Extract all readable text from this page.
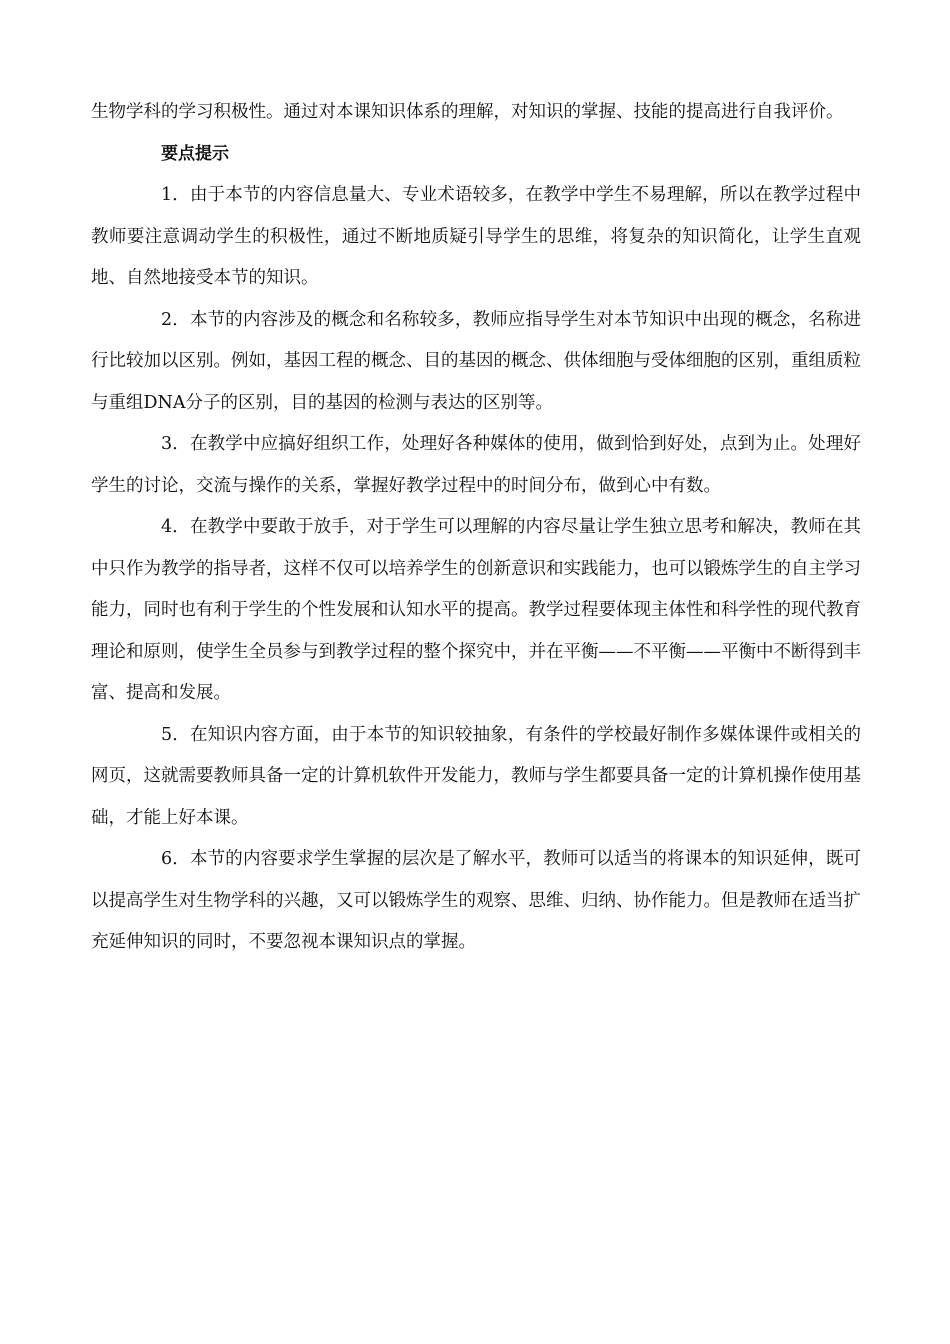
生物学科的学习积极性。通过对本课知识体系的理解，对知识的掌握、技能的提高进行自我评价。

要点提示

1．由于本节的内容信息量大、专业术语较多，在教学中学生不易理解，所以在教学过程中教师要注意调动学生的积极性，通过不断地质疑引导学生的思维，将复杂的知识简化，让学生直观地、自然地接受本节的知识。

2．本节的内容涉及的概念和名称较多，教师应指导学生对本节知识中出现的概念，名称进行比较加以区别。例如，基因工程的概念、目的基因的概念、供体细胞与受体细胞的区别，重组质粒与重组DNA分子的区别，目的基因的检测与表达的区别等。

3．在教学中应搞好组织工作，处理好各种媒体的使用，做到恰到好处，点到为止。处理好学生的讨论，交流与操作的关系，掌握好教学过程中的时间分布，做到心中有数。

4．在教学中要敢于放手，对于学生可以理解的内容尽量让学生独立思考和解决，教师在其中只作为教学的指导者，这样不仅可以培养学生的创新意识和实践能力，也可以锻炼学生的自主学习能力，同时也有利于学生的个性发展和认知水平的提高。教学过程要体现主体性和科学性的现代教育理论和原则，使学生全员参与到教学过程的整个探究中，并在平衡——不平衡——平衡中不断得到丰富、提高和发展。

5．在知识内容方面，由于本节的知识较抽象，有条件的学校最好制作多媒体课件或相关的网页，这就需要教师具备一定的计算机软件开发能力，教师与学生都要具备一定的计算机操作使用基础，才能上好本课。

6．本节的内容要求学生掌握的层次是了解水平，教师可以适当的将课本的知识延伸，既可以提高学生对生物学科的兴趣，又可以锻炼学生的观察、思维、归纳、协作能力。但是教师在适当扩充延伸知识的同时，不要忽视本课知识点的掌握。
